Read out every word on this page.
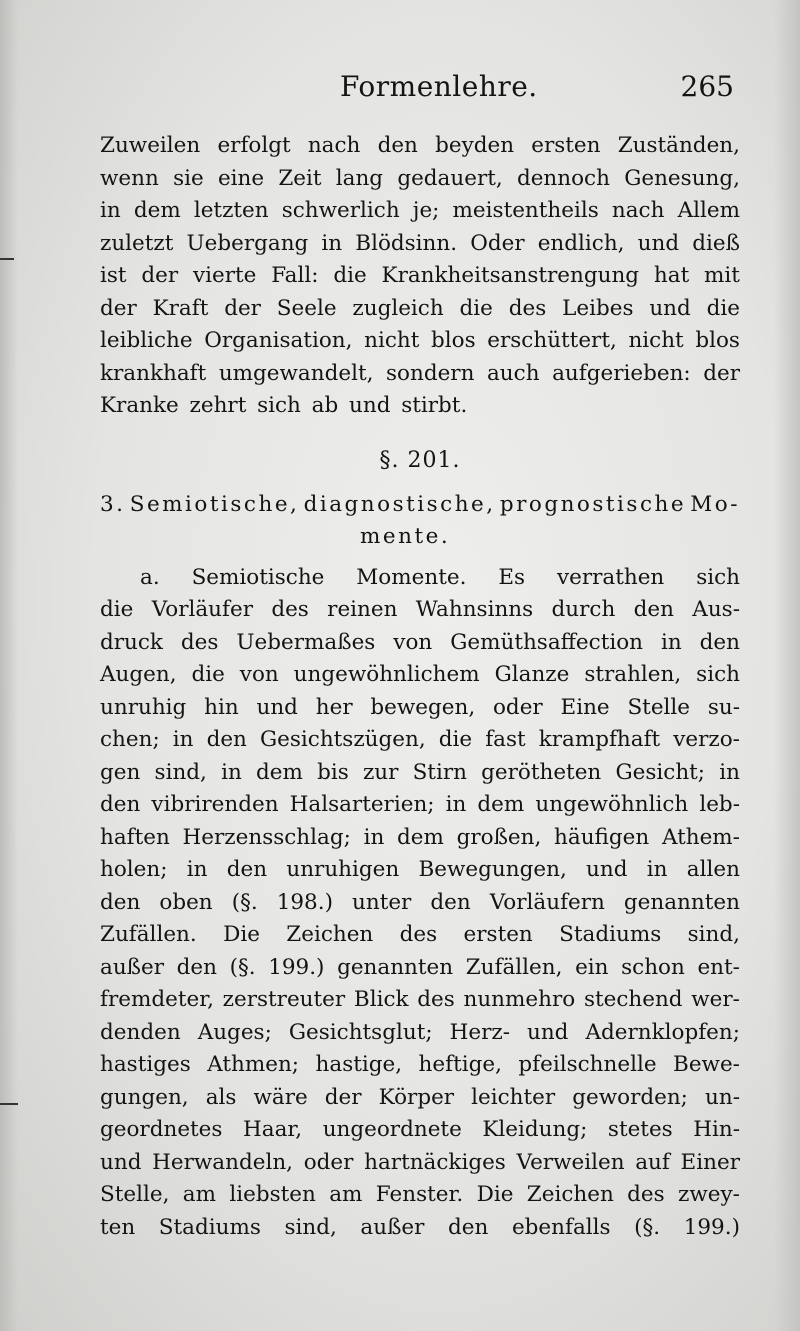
Formenlehre.	265
Zuweilen erfolgt nach den beyden ersten Zuständen,
wenn sie eine Zeit lang gedauert, dennoch Genesung,
in dem letzten schwerlich je; meistentheils nach Allem
zuletzt Uebergang in Blödsinn. Oder endlich, und dieß
ist der vierte Fall: die Krankheitsanstrengung hat mit
der Kraft der Seele zugleich die des Leibes und die
leibliche Organisation, nicht blos erschüttert, nicht blos
krankhaft umgewandelt, sondern auch aufgerieben: der
Kranke zehrt sich ab und stirbt.
§. 201.
3. Semiotische, diagnostische, prognostische Mo-
mente.
a. Semiotische Momente. Es verrathen sich
die Vorläufer des reinen Wahnsinns durch den Aus-
druck des Uebermaßes von Gemüthsaffection in den
Augen, die von ungewöhnlichem Glanze strahlen, sich
unruhig hin und her bewegen, oder Eine Stelle su-
chen; in den Gesichtszügen, die fast krampfhaft verzo-
gen sind, in dem bis zur Stirn gerötheten Gesicht; in
den vibrirenden Halsarterien; in dem ungewöhnlich leb-
haften Herzensschlag; in dem großen, häufigen Athem-
holen; in den unruhigen Bewegungen, und in allen
den oben (§. 198.) unter den Vorläufern genannten
Zufällen. Die Zeichen des ersten Stadiums sind,
außer den (§. 199.) genannten Zufällen, ein schon ent-
fremdeter, zerstreuter Blick des nunmehro stechend wer-
denden Auges; Gesichtsglut; Herz- und Adernklopfen;
hastiges Athmen; hastige, heftige, pfeilschnelle Bewe-
gungen, als wäre der Körper leichter geworden; un-
geordnetes Haar, ungeordnete Kleidung; stetes Hin-
und Herwandeln, oder hartnäckiges Verweilen auf Einer
Stelle, am liebsten am Fenster. Die Zeichen des zwey-
ten Stadiums sind, außer den ebenfalls (§. 199.)
